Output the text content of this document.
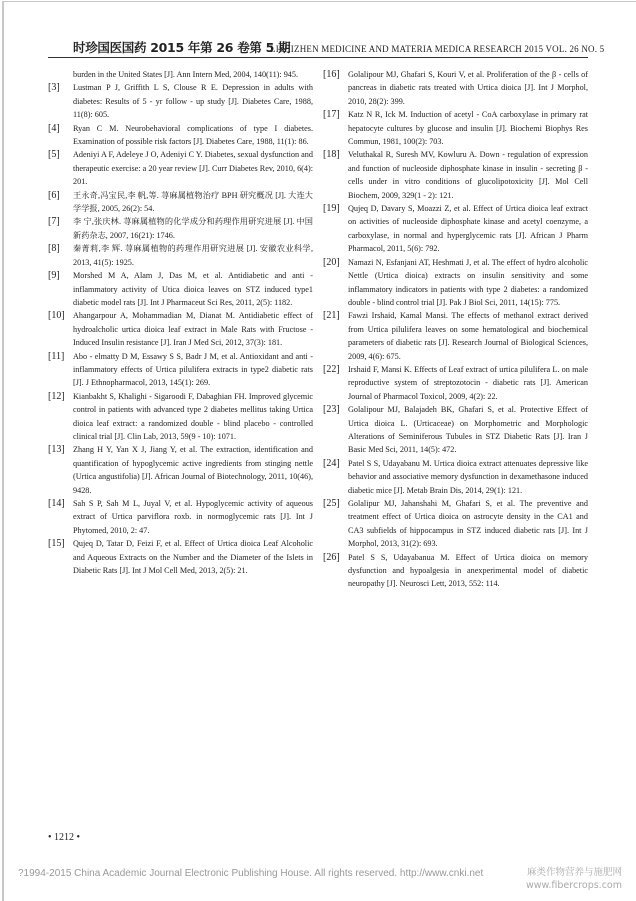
时珍国医国药 2015 年第 26 卷第 5 期
LISHIZHEN MEDICINE AND MATERIA MEDICA RESEARCH 2015 VOL. 26 NO. 5
burden in the United States [J]. Ann Intern Med, 2004, 140(11): 945.
[3]	Lustman P J, Griffith L S, Clouse R E. Depression in adults with diabetes: Results of 5 - yr follow - up study [J]. Diabetes Care, 1988, 11(8): 605.
[4]	Ryan C M. Neurobehavioral complications of type I diabetes. Examination of possible risk factors [J]. Diabetes Care, 1988, 11(1): 86.
[5]	Adeniyi A F, Adeleye J O, Adeniyi C Y. Diabetes, sexual dysfunction and therapeutic exercise: a 20 year review [J]. Curr Diabetes Rev, 2010, 6(4): 201.
[6]	王永奇,冯宝民,李 帆,等. 荨麻属植物治疗 BPH 研究概况 [J]. 大连大学学报, 2005, 26(2): 54.
[7]	李 宁,张庆林. 荨麻属植物的化学成分和药理作用研究进展 [J]. 中国新药杂志, 2007, 16(21): 1746.
[8]	秦菁莉,李 辉. 荨麻属植物的药理作用研究进展 [J]. 安徽农业科学, 2013, 41(5): 1925.
[9]	Morshed M A, Alam J, Das M, et al. Antidiabetic and anti - inflammatory activity of Utica dioica leaves on STZ induced type1 diabetic model rats [J]. Int J Pharmaceut Sci Res, 2011, 2(5): 1182.
[10]	Ahangarpour A, Mohammadian M, Dianat M. Antidiabetic effect of hydroalcholic urtica dioica leaf extract in Male Rats with Fructose - Induced Insulin resistance [J]. Iran J Med Sci, 2012, 37(3): 181.
[11]	Abo - elmatty D M, Essawy S S, Badr J M, et al. Antioxidant and anti - inflammatory effects of Urtica pilulifera extracts in type2 diabetic rats [J]. J Ethnopharmacol, 2013, 145(1): 269.
[12]	Kianbakht S, Khalighi - Sigaroodi F, Dabaghian FH. Improved glycemic control in patients with advanced type 2 diabetes mellitus taking Urtica dioica leaf extract: a randomized double - blind placebo - controlled clinical trial [J]. Clin Lab, 2013, 59(9 - 10): 1071.
[13]	Zhang H Y, Yan X J, Jiang Y, et al. The extraction, identification and quantification of hypoglycemic active ingredients from stinging nettle (Urtica angustifolia) [J]. African Journal of Biotechnology, 2011, 10(46), 9428.
[14]	Sah S P, Sah M L, Juyal V, et al. Hypoglycemic activity of aqueous extract of Urtica parviflora roxb. in normoglycemic rats [J]. Int J Phytomed, 2010, 2: 47.
[15]	Qujeq D, Tatar D, Feizi F, et al. Effect of Urtica dioica Leaf Alcoholic and Aqueous Extracts on the Number and the Diameter of the Islets in Diabetic Rats [J]. Int J Mol Cell Med, 2013, 2(5): 21.
[16]	Golalipour MJ, Ghafari S, Kouri V, et al. Proliferation of the β - cells of pancreas in diabetic rats treated with Urtica dioica [J]. Int J Morphol, 2010, 28(2): 399.
[17]	Katz N R, Ick M. Induction of acetyl - CoA carboxylase in primary rat hepatocyte cultures by glucose and insulin [J]. Biochemi Biophys Res Commun, 1981, 100(2): 703.
[18]	Veluthakal R, Suresh MV, Kowluru A. Down - regulation of expression and function of nucleoside diphosphate kinase in insulin - secreting β - cells under in vitro conditions of glucolipotoxicity [J]. Mol Cell Biochem, 2009, 329(1 - 2): 121.
[19]	Qujeq D, Davary S, Moazzi Z, et al. Effect of Urtica dioica leaf extract on activities of nucleoside diphosphate kinase and acetyl coenzyme, a carboxylase, in normal and hyperglycemic rats [J]. African J Pharm Pharmacol, 2011, 5(6): 792.
[20]	Namazi N, Esfanjani AT, Heshmati J, et al. The effect of hydro alcoholic Nettle (Urtica dioica) extracts on insulin sensitivity and some inflammatory indicators in patients with type 2 diabetes: a randomized double - blind control trial [J]. Pak J Biol Sci, 2011, 14(15): 775.
[21]	Fawzi Irshaid, Kamal Mansi. The effects of methanol extract derived from Urtica pilulifera leaves on some hematological and biochemical parameters of diabetic rats [J]. Research Journal of Biological Sciences, 2009, 4(6): 675.
[22]	Irshaid F, Mansi K. Effects of Leaf extract of urtica pilulifera L. on male reproductive system of streptozotocin - diabetic rats [J]. American Journal of Pharmacol Toxicol, 2009, 4(2): 22.
[23]	Golalipour MJ, Balajadeh BK, Ghafari S, et al. Protective Effect of Urtica dioica L. (Urticaceae) on Morphometric and Morphologic Alterations of Seminiferous Tubules in STZ Diabetic Rats [J]. Iran J Basic Med Sci, 2011, 14(5): 472.
[24]	Patel S S, Udayabanu M. Urtica dioica extract attenuates depressive like behavior and associative memory dysfunction in dexamethasone induced diabetic mice [J]. Metab Brain Dis, 2014, 29(1): 121.
[25]	Golalipur MJ, Jahanshahi M, Ghafari S, et al. The preventive and treatment effect of Urtica dioica on astrocyte density in the CA1 and CA3 subfields of hippocampus in STZ induced diabetic rats [J]. Int J Morphol, 2013, 31(2): 693.
[26]	Patel S S, Udayabanua M. Effect of Urtica dioica on memory dysfunction and hypoalgesia in anexperimental model of diabetic neuropathy [J]. Neurosci Lett, 2013, 552: 114.
• 1212 •
?1994-2015 China Academic Journal Electronic Publishing House. All rights reserved. http://www.cnki.net	麻类作物营养与施肥网
www.fibercrops.com
